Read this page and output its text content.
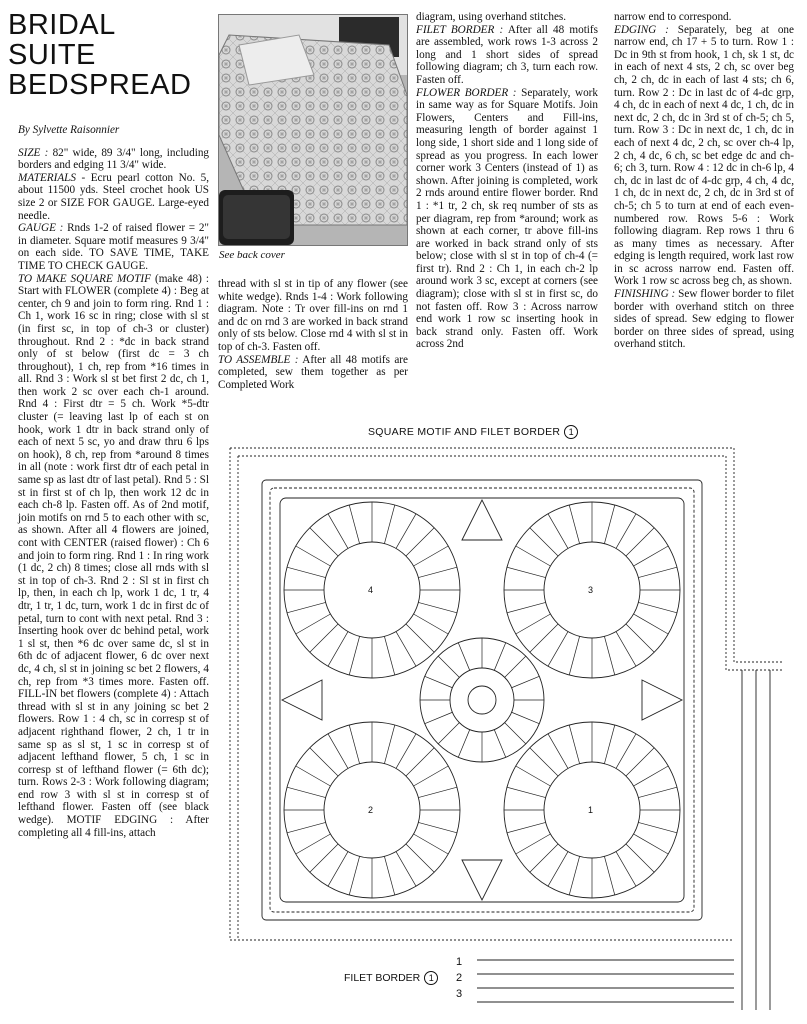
BRIDAL
SUITE
BEDSPREAD

By Sylvette Raisonnier

SIZE : 82" wide, 89 3/4" long, including borders and edging 11 3/4" wide.

MATERIALS - Ecru pearl cotton No. 5, about 11500 yds. Steel crochet hook US size 2 or SIZE FOR GAUGE. Large-eyed needle.

GAUGE : Rnds 1-2 of raised flower = 2" in diameter. Square motif measures 9 3/4" on each side. TO SAVE TIME, TAKE TIME TO CHECK GAUGE.

TO MAKE SQUARE MOTIF (make 48) : Start with FLOWER (complete 4) : Beg at center, ch 9 and join to form ring. Rnd 1 : Ch 1, work 16 sc in ring; close with sl st (in first sc, in top of ch-3 or cluster) throughout. Rnd 2 : *dc in back strand only of st below (first dc = 3 ch throughout), 1 ch, rep from *16 times in all. Rnd 3 : Work sl st bet first 2 dc, ch 1, then work 2 sc over each ch-1 around. Rnd 4 : First dtr = 5 ch. Work *5-dtr cluster (= leaving last lp of each st on hook, work 1 dtr in back strand only of each of next 5 sc, yo and draw thru 6 lps on hook), 8 ch, rep from *around 8 times in all (note : work first dtr of each petal in same sp as last dtr of last petal). Rnd 5 : Sl st in first st of ch lp, then work 12 dc in each ch-8 lp. Fasten off. As of 2nd motif, join motifs on rnd 5 to each other with sc, as shown. After all 4 flowers are joined, cont with CENTER (raised flower) : Ch 6 and join to form ring. Rnd 1 : In ring work (1 dc, 2 ch) 8 times; close all rnds with sl st in top of ch-3. Rnd 2 : Sl st in first ch lp, then, in each ch lp, work 1 dc, 1 tr, 4 dtr, 1 tr, 1 dc, turn, work 1 dc in first dc of petal, turn to cont with next petal. Rnd 3 : Inserting hook over dc behind petal, work 1 sl st, then *6 dc over same dc, sl st in 6th dc of adjacent flower, 6 dc over next dc, 4 ch, sl st in joining sc bet 2 flowers, 4 ch, rep from *3 times more. Fasten off. FILL-IN bet flowers (complete 4) : Attach thread with sl st in any joining sc bet 2 flowers. Row 1 : 4 ch, sc in corresp st of adjacent righthand flower, 2 ch, 1 tr in same sp as sl st, 1 sc in corresp st of adjacent lefthand flower, 5 ch, 1 sc in corresp st of lefthand flower (= 6th dc); turn. Rows 2-3 : Work following diagram; end row 3 with sl st in corresp st of lefthand flower. Fasten off (see black wedge). MOTIF EDGING : After completing all 4 fill-ins, attach

See back cover

thread with sl st in tip of any flower (see white wedge). Rnds 1-4 : Work following diagram. Note : Tr over fill-ins on rnd 1 and dc on rnd 3 are worked in back strand only of sts below. Close rnd 4 with sl st in top of ch-3. Fasten off.

TO ASSEMBLE : After all 48 motifs are completed, sew them together as per Completed Work

diagram, using overhand stitches.

FILET BORDER : After all 48 motifs are assembled, work rows 1-3 across 2 long and 1 short sides of spread following diagram; ch 3, turn each row. Fasten off.

FLOWER BORDER : Separately, work in same way as for Square Motifs. Join Flowers, Centers and Fill-ins, measuring length of border against 1 long side, 1 short side and 1 long side of spread as you progress. In each lower corner work 3 Centers (instead of 1) as shown. After joining is completed, work 2 rnds around entire flower border. Rnd 1 : *1 tr, 2 ch, sk req number of sts as per diagram, rep from *around; work as shown at each corner, tr above fill-ins are worked in back strand only of sts below; close with sl st in top of ch-4 (= first tr). Rnd 2 : Ch 1, in each ch-2 lp around work 3 sc, except at corners (see diagram); close with sl st in first sc, do not fasten off. Row 3 : Across narrow end work 1 row sc inserting hook in back strand only. Fasten off. Work across 2nd

narrow end to correspond.

EDGING : Separately, beg at one narrow end, ch 17 + 5 to turn. Row 1 : Dc in 9th st from hook, 1 ch, sk 1 st, dc in each of next 4 sts, 2 ch, sc over beg ch, 2 ch, dc in each of last 4 sts; ch 6, turn. Row 2 : Dc in last dc of 4-dc grp, 4 ch, dc in each of next 4 dc, 1 ch, dc in next dc, 2 ch, dc in 3rd st of ch-5; ch 5, turn. Row 3 : Dc in next dc, 1 ch, dc in each of next 4 dc, 2 ch, sc over ch-4 lp, 2 ch, 4 dc, 6 ch, sc bet edge dc and ch-6; ch 3, turn. Row 4 : 12 dc in ch-6 lp, 4 ch, dc in last dc of 4-dc grp, 4 ch, 4 dc, 1 ch, dc in next dc, 2 ch, dc in 3rd st of ch-5; ch 5 to turn at end of each even-numbered row. Rows 5-6 : Work following diagram. Rep rows 1 thru 6 as many times as necessary. After edging is length required, work last row in sc across narrow end. Fasten off. Work 1 row sc across beg ch, as shown.

FINISHING : Sew flower border to filet border with overhand stitch on three sides of spread. Sew edging to flower border on three sides of spread, using overhand stitch.

SQUARE MOTIF AND FILET BORDER 1
4	3
2	1
FILET BORDER 1
1
2
3
